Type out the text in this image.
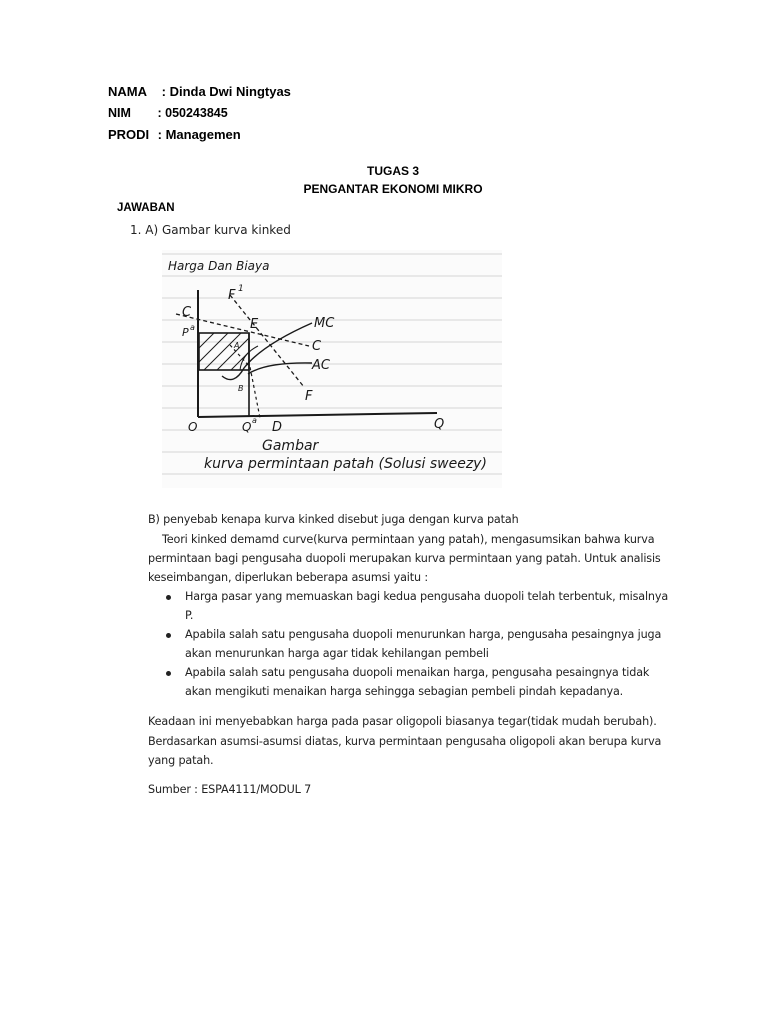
NAMA : Dinda Dwi Ningtyas
NIM : 050243845
PRODI : Managemen
TUGAS 3
PENGANTAR EKONOMI MIKRO
JAWABAN
1. A) Gambar kurva kinked
Harga Dan Biaya
F 1
C
P a	E	MC
C
AC
A
B
F
O	Q a D	Q
Gambar
kurva permintaan patah (Solusi sweezy)
B) penyebab kenapa kurva kinked disebut juga dengan kurva patah
Teori kinked demamd curve(kurva permintaan yang patah), mengasumsikan bahwa kurva
permintaan bagi pengusaha duopoli merupakan kurva permintaan yang patah. Untuk analisis
keseimbangan, diperlukan beberapa asumsi yaitu :
Harga pasar yang memuaskan bagi kedua pengusaha duopoli telah terbentuk, misalnya
P.
Apabila salah satu pengusaha duopoli menurunkan harga, pengusaha pesaingnya juga
akan menurunkan harga agar tidak kehilangan pembeli
Apabila salah satu pengusaha duopoli menaikan harga, pengusaha pesaingnya tidak
akan mengikuti menaikan harga sehingga sebagian pembeli pindah kepadanya.
Keadaan ini menyebabkan harga pada pasar oligopoli biasanya tegar(tidak mudah berubah).
Berdasarkan asumsi-asumsi diatas, kurva permintaan pengusaha oligopoli akan berupa kurva
yang patah.
Sumber : ESPA4111/MODUL 7
